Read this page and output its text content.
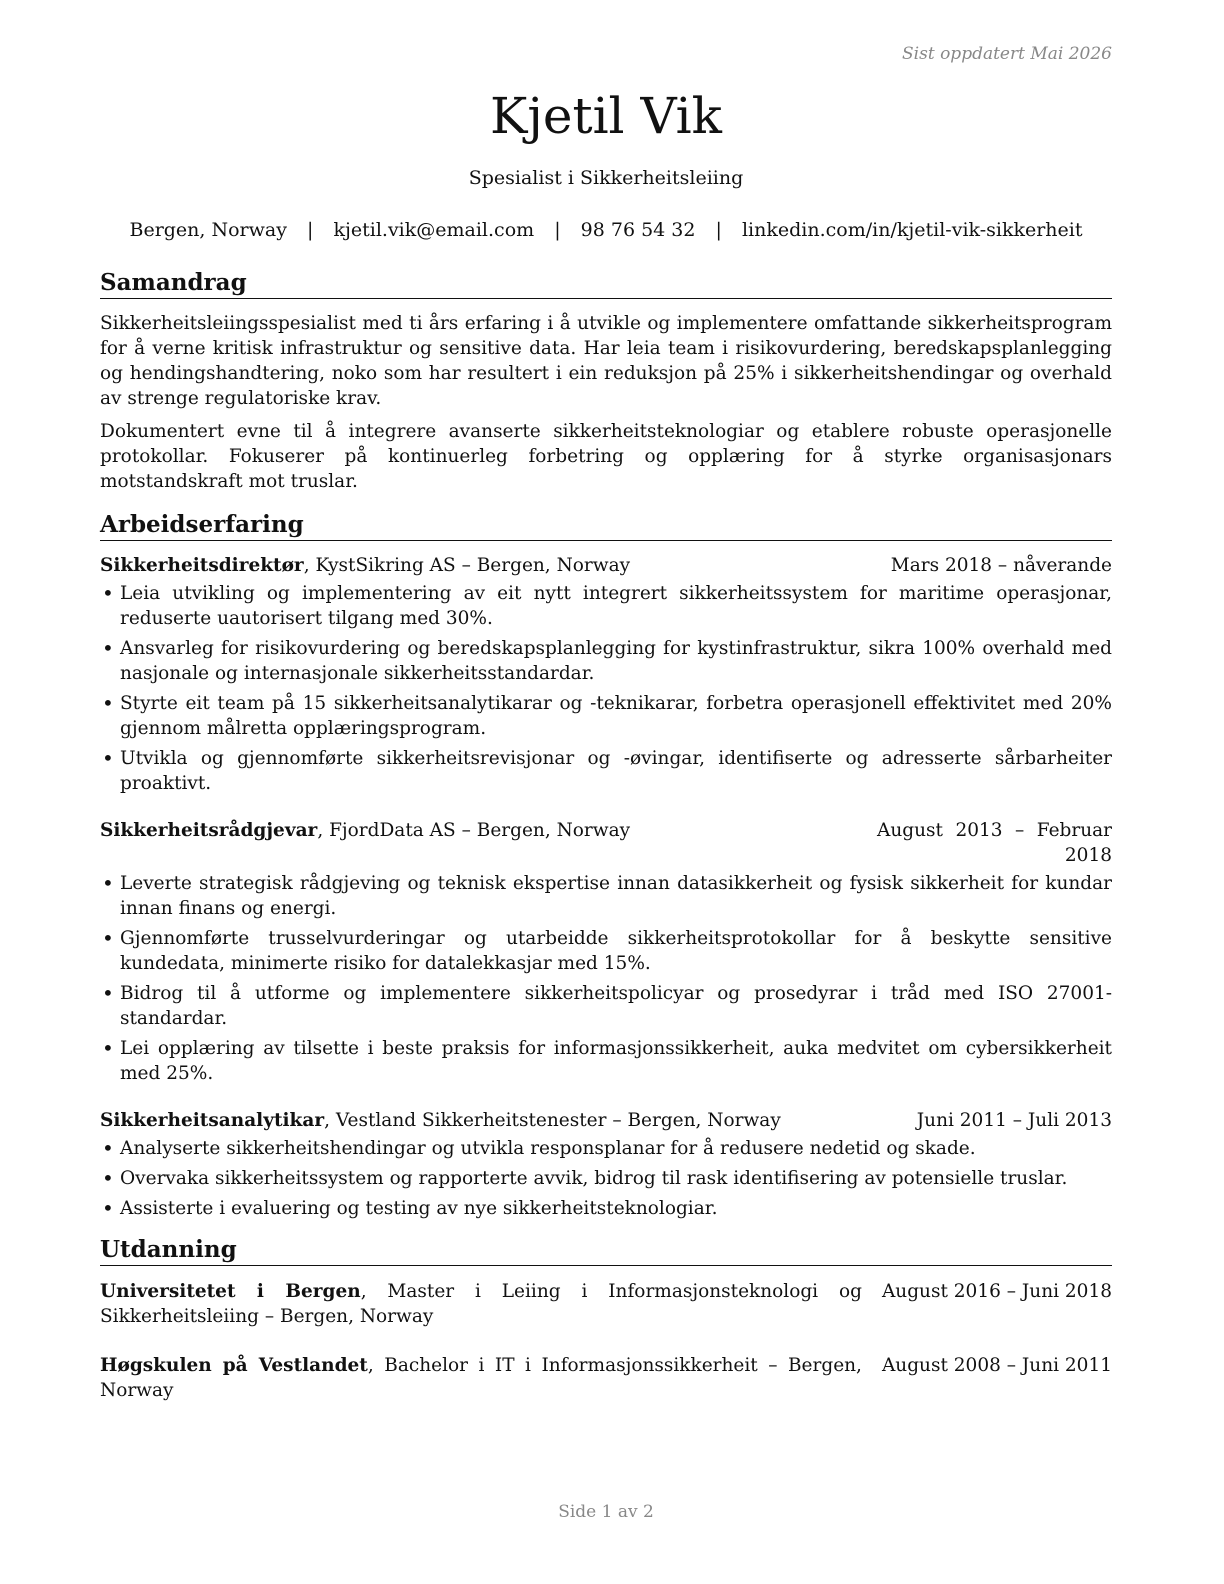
Sist oppdatert Mai 2026
Kjetil Vik
Spesialist i Sikkerheitsleiing
Bergen, Norway | kjetil.vik@email.com | 98 76 54 32 | linkedin.com/in/kjetil-vik-sikkerheit
Samandrag

Sikkerheitsleiingsspesialist med ti års erfaring i å utvikle og implementere omfattande sikkerheitsprogram for å verne kritisk infrastruktur og sensitive data. Har leia team i risikovurdering, beredskapsplanlegging og hendingshandtering, noko som har resultert i ein reduksjon på 25% i sikkerheitshendingar og overhald av strenge regulatoriske krav.

Dokumentert evne til å integrere avanserte sikkerheitsteknologiar og etablere robuste operasjonelle protokollar. Fokuserer på kontinuerleg forbetring og opplæring for å styrke organisasjonars motstandskraft mot truslar.

Arbeidserfaring
Sikkerheitsdirektør, KystSikring AS – Bergen, Norway	Mars 2018 – nåverande
• Leia utvikling og implementering av eit nytt integrert sikkerheitssystem for maritime operasjonar, reduserte uautorisert tilgang med 30%.
• Ansvarleg for risikovurdering og beredskapsplanlegging for kystinfrastruktur, sikra 100% overhald med nasjonale og internasjonale sikkerheitsstandardar.
• Styrte eit team på 15 sikkerheitsanalytikarar og -teknikarar, forbetra operasjonell effektivitet med 20% gjennom målretta opplæringsprogram.
• Utvikla og gjennomførte sikkerheitsrevisjonar og -øvingar, identifiserte og adresserte sårbarheiter proaktivt.
Sikkerheitsrådgjevar, FjordData AS – Bergen, Norway	August 2013 – Februar 2018
• Leverte strategisk rådgjeving og teknisk ekspertise innan datasikkerheit og fysisk sikkerheit for kundar innan finans og energi.
• Gjennomførte trusselvurderingar og utarbeidde sikkerheitsprotokollar for å beskytte sensitive kundedata, minimerte risiko for datalekkasjar med 15%.
• Bidrog til å utforme og implementere sikkerheitspolicyar og prosedyrar i tråd med ISO 27001-standardar.
• Lei opplæring av tilsette i beste praksis for informasjonssikkerheit, auka medvitet om cybersikkerheit med 25%.
Sikkerheitsanalytikar, Vestland Sikkerheitstenester – Bergen, Norway	Juni 2011 – Juli 2013
• Analyserte sikkerheitshendingar og utvikla responsplanar for å redusere nedetid og skade.
• Overvaka sikkerheitssystem og rapporterte avvik, bidrog til rask identifisering av potensielle truslar.
• Assisterte i evaluering og testing av nye sikkerheitsteknologiar.
Utdanning
Universitetet i Bergen, Master i Leiing i Informasjonsteknologi og Sikkerheitsleiing – Bergen, Norway
August 2016 – Juni 2018
Høgskulen på Vestlandet, Bachelor i IT i Informasjonssikkerheit – Bergen, Norway
August 2008 – Juni 2011
Side 1 av 2
